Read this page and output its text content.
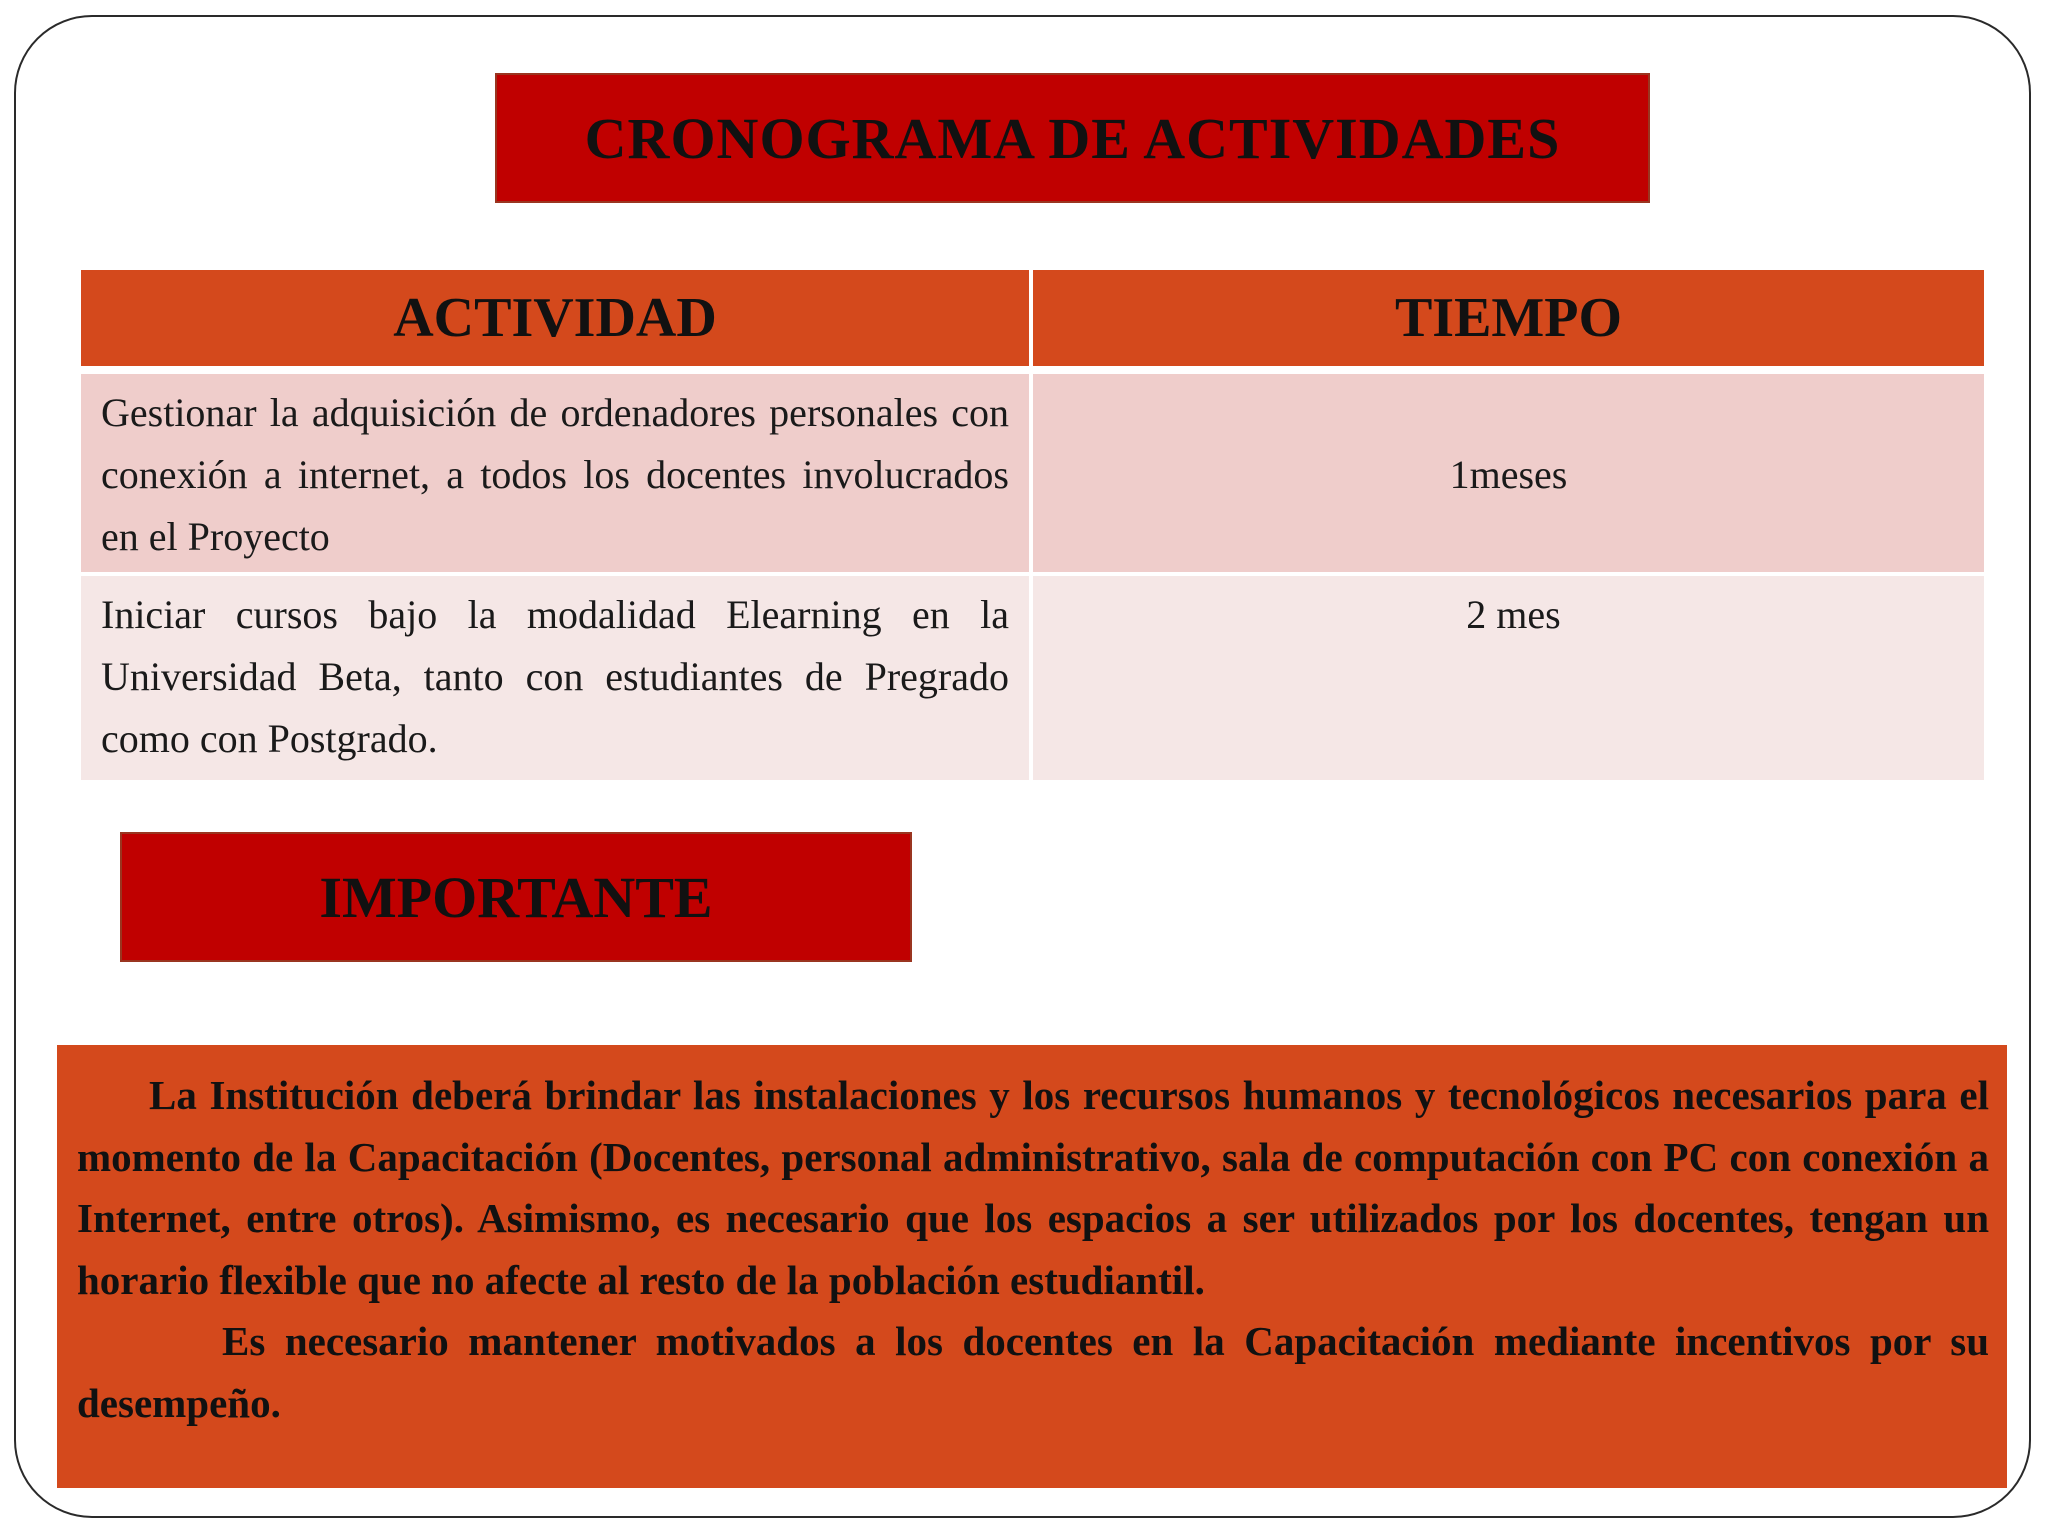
CRONOGRAMA DE ACTIVIDADES
ACTIVIDAD	TIEMPO
Gestionar la adquisición de ordenadores personales con conexión a internet, a todos los docentes involucrados en el Proyecto
1meses
Iniciar cursos bajo la modalidad Elearning en la Universidad Beta, tanto con estudiantes de Pregrado como con Postgrado.
2 mes
IMPORTANTE

La Institución deberá brindar las instalaciones y los recursos humanos y tecnológicos necesarios para el momento de la Capacitación (Docentes, personal administrativo, sala de computación con PC con conexión a Internet, entre otros). Asimismo, es necesario que los espacios a ser utilizados por los docentes, tengan un horario flexible que no afecte al resto de la población estudiantil.

Es necesario mantener motivados a los docentes en la Capacitación mediante incentivos por su desempeño.
